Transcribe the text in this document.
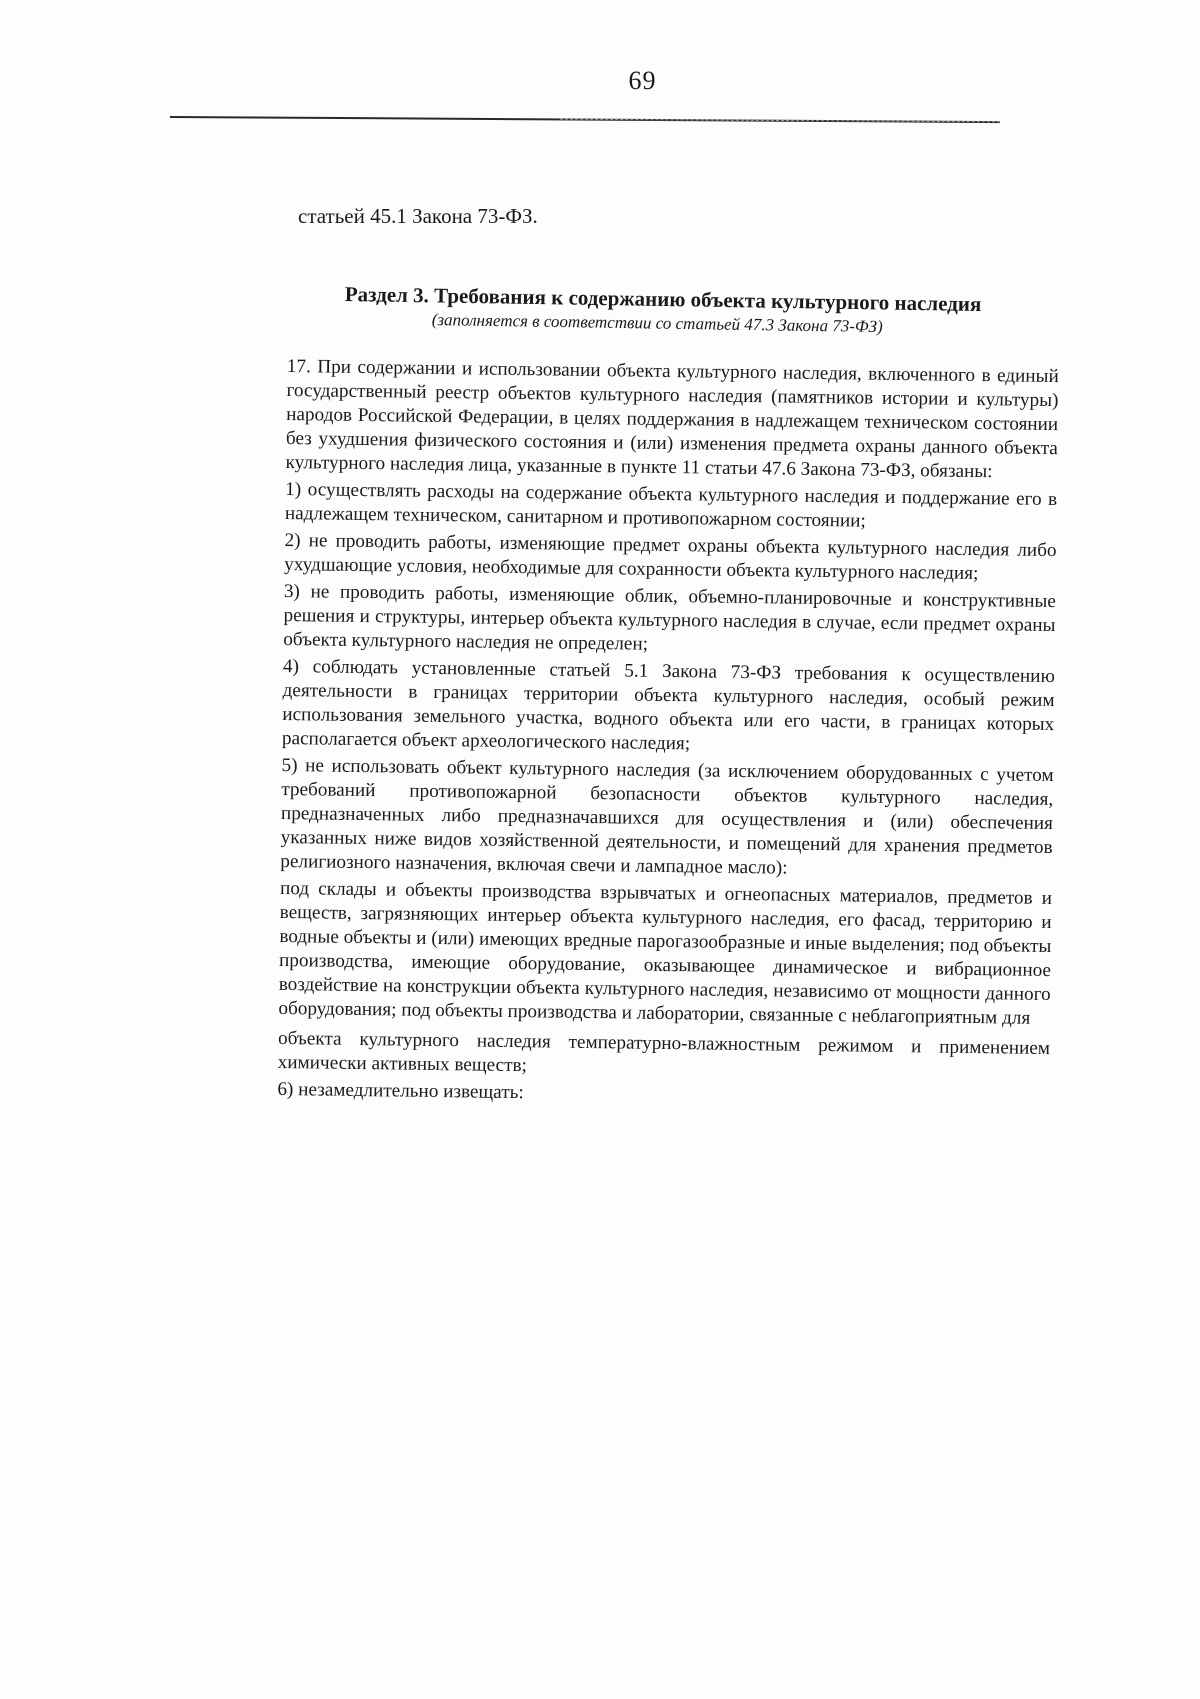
69
статьей 45.1 Закона 73-ФЗ.
Раздел 3. Требования к содержанию объекта культурного наследия
(заполняется в соответствии со статьей 47.3 Закона 73-ФЗ)

17. При содержании и использовании объекта культурного наследия, включенного в единый государственный реестр объектов культурного наследия (памятников истории и культуры) народов Российской Федерации, в целях поддержания в надлежащем техническом состоянии без ухудшения физического состояния и (или) изменения предмета охраны данного объекта культурного наследия лица, указанные в пункте 11 статьи 47.6 Закона 73-ФЗ, обязаны:

1) осуществлять расходы на содержание объекта культурного наследия и поддержание его в надлежащем техническом, санитарном и противопожарном состоянии;

2) не проводить работы, изменяющие предмет охраны объекта культурного наследия либо ухудшающие условия, необходимые для сохранности объекта культурного наследия;

3) не проводить работы, изменяющие облик, объемно-планировочные и конструктивные решения и структуры, интерьер объекта культурного наследия в случае, если предмет охраны объекта культурного наследия не определен;

4) соблюдать установленные статьей 5.1 Закона 73-ФЗ требования к осуществлению деятельности в границах территории объекта культурного наследия, особый режим использования земельного участка, водного объекта или его части, в границах которых располагается объект археологического наследия;

5) не использовать объект культурного наследия (за исключением оборудованных с учетом требований противопожарной безопасности объектов культурного наследия, предназначенных либо предназначавшихся для осуществления и (или) обеспечения указанных ниже видов хозяйственной деятельности, и помещений для хранения предметов религиозного назначения, включая свечи и лампадное масло):

под склады и объекты производства взрывчатых и огнеопасных материалов, предметов и веществ, загрязняющих интерьер объекта культурного наследия, его фасад, территорию и водные объекты и (или) имеющих вредные парогазообразные и иные выделения; под объекты производства, имеющие оборудование, оказывающее динамическое и вибрационное воздействие на конструкции объекта культурного наследия, независимо от мощности данного оборудования; под объекты производства и лаборатории, связанные с неблагоприятным для

объекта культурного наследия температурно-влажностным режимом и применением химически активных веществ;

6) незамедлительно извещать:
